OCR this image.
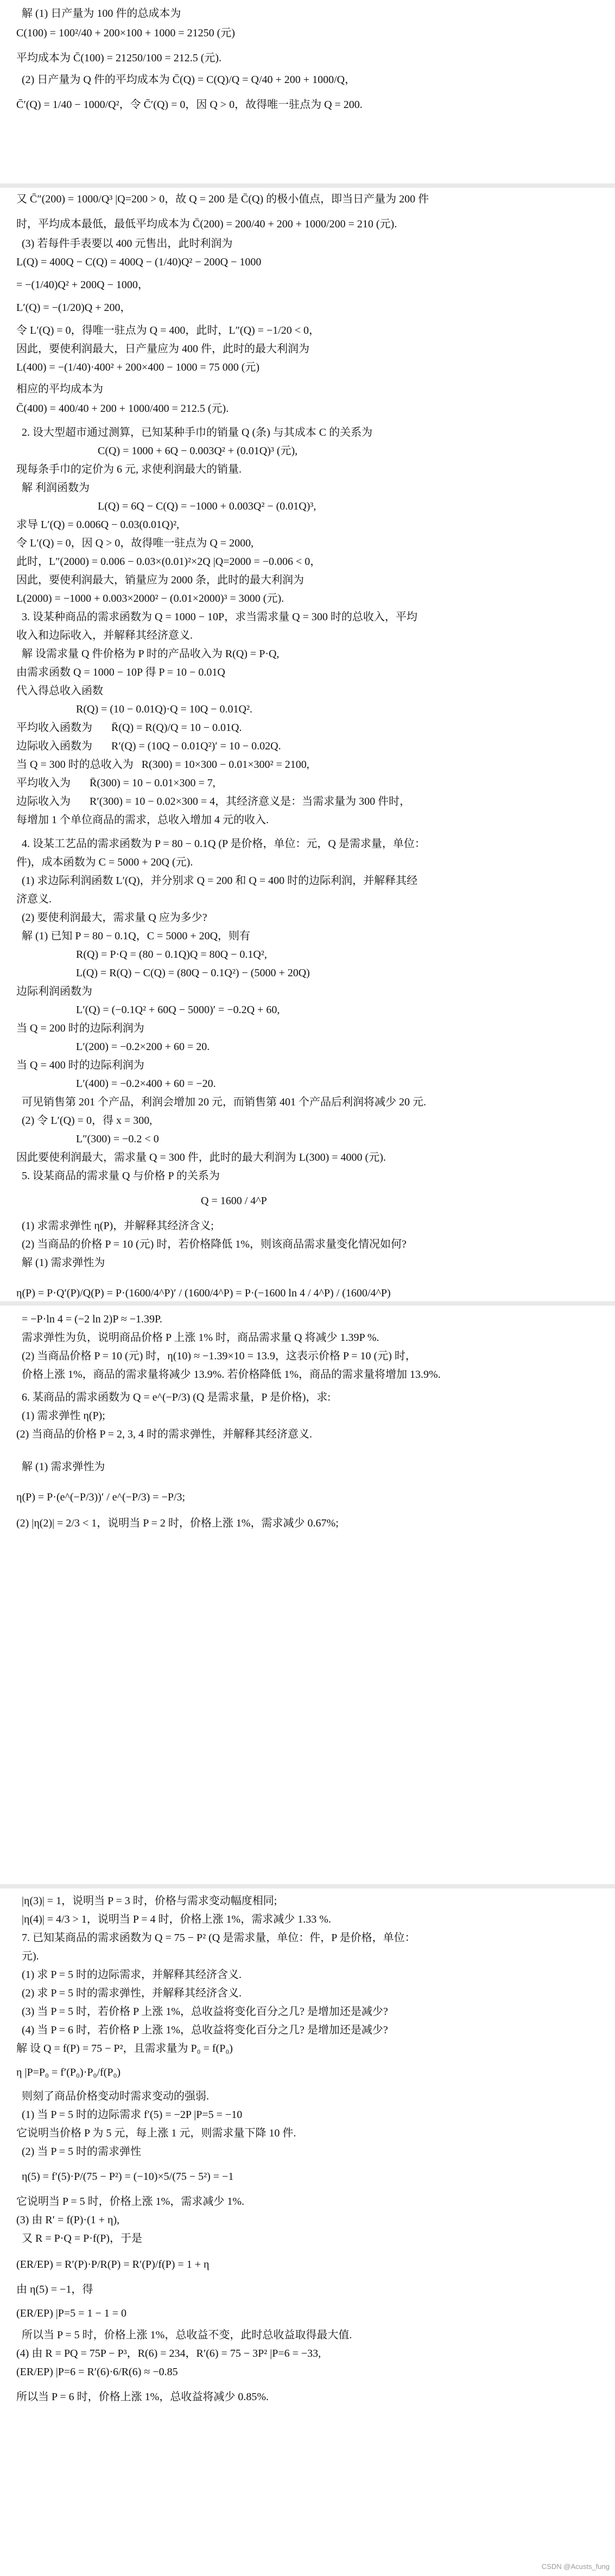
解 (1) 日产量为 100 件的总成本为
C(100) = 100²/40 + 200×100 + 1000 = 21250 (元)
平均成本为 C̄(100) = 21250/100 = 212.5 (元).
(2) 日产量为 Q 件的平均成本为 C̄(Q) = C(Q)/Q = Q/40 + 200 + 1000/Q，
C̄′(Q) = 1/40 − 1000/Q²，令 C̄′(Q) = 0，因 Q > 0，故得唯一驻点为 Q = 200.
又 C̄″(200) = 1000/Q³ |Q=200 > 0，故 Q = 200 是 C̄(Q) 的极小值点，即当日产量为 200 件
时，平均成本最低，最低平均成本为 C̄(200) = 200/40 + 200 + 1000/200 = 210 (元).
(3) 若每件手表要以 400 元售出，此时利润为
L(Q) = 400Q − C(Q) = 400Q − (1/40)Q² − 200Q − 1000
= −(1/40)Q² + 200Q − 1000，
L′(Q) = −(1/20)Q + 200，
令 L′(Q) = 0，得唯一驻点为 Q = 400，此时，L″(Q) = −1/20 < 0，
因此，要使利润最大，日产量应为 400 件，此时的最大利润为
L(400) = −(1/40)·400² + 200×400 − 1000 = 75 000 (元)
相应的平均成本为
C̄(400) = 400/40 + 200 + 1000/400 = 212.5 (元).
2. 设大型超市通过测算，已知某种手巾的销量 Q (条) 与其成本 C 的关系为
C(Q) = 1000 + 6Q − 0.003Q² + (0.01Q)³ (元),
现每条手巾的定价为 6 元, 求使利润最大的销量.
解 利润函数为
L(Q) = 6Q − C(Q) = −1000 + 0.003Q² − (0.01Q)³,
求导 L′(Q) = 0.006Q − 0.03(0.01Q)²,
令 L′(Q) = 0，因 Q > 0，故得唯一驻点为 Q = 2000,
此时，L″(2000) = 0.006 − 0.03×(0.01)²×2Q |Q=2000 = −0.006 < 0，
因此，要使利润最大，销量应为 2000 条，此时的最大利润为
L(2000) = −1000 + 0.003×2000² − (0.01×2000)³ = 3000 (元).
3. 设某种商品的需求函数为 Q = 1000 − 10P，求当需求量 Q = 300 时的总收入，平均
收入和边际收入，并解释其经济意义.
解 设需求量 Q 件价格为 P 时的产品收入为 R(Q) = P·Q,
由需求函数 Q = 1000 − 10P 得 P = 10 − 0.01Q
代入得总收入函数
R(Q) = (10 − 0.01Q)·Q = 10Q − 0.01Q².
平均收入函数为       R̄(Q) = R(Q)/Q = 10 − 0.01Q.
边际收入函数为       R′(Q) = (10Q − 0.01Q²)′ = 10 − 0.02Q.
当 Q = 300 时的总收入为   R(300) = 10×300 − 0.01×300² = 2100,
平均收入为       R̄(300) = 10 − 0.01×300 = 7,
边际收入为       R′(300) = 10 − 0.02×300 = 4，其经济意义是：当需求量为 300 件时，
每增加 1 个单位商品的需求，总收入增加 4 元的收入.
4. 设某工艺品的需求函数为 P = 80 − 0.1Q (P 是价格，单位：元，Q 是需求量，单位：
件)，成本函数为 C = 5000 + 20Q (元).
(1) 求边际利润函数 L′(Q)，并分别求 Q = 200 和 Q = 400 时的边际利润，并解释其经
济意义.
(2) 要使利润最大，需求量 Q 应为多少?
解 (1) 已知 P = 80 − 0.1Q，C = 5000 + 20Q，则有
R(Q) = P·Q = (80 − 0.1Q)Q = 80Q − 0.1Q²,
L(Q) = R(Q) − C(Q) = (80Q − 0.1Q²) − (5000 + 20Q)
边际利润函数为
L′(Q) = (−0.1Q² + 60Q − 5000)′ = −0.2Q + 60,
当 Q = 200 时的边际利润为
L′(200) = −0.2×200 + 60 = 20.
当 Q = 400 时的边际利润为
L′(400) = −0.2×400 + 60 = −20.
可见销售第 201 个产品，利润会增加 20 元，而销售第 401 个产品后利润将减少 20 元.
(2) 令 L′(Q) = 0，得 x = 300,
L″(300) = −0.2 < 0
因此要使利润最大，需求量 Q = 300 件，此时的最大利润为 L(300) = 4000 (元).
5. 设某商品的需求量 Q 与价格 P 的关系为
Q = 1600 / 4^P
(1) 求需求弹性 η(P)，并解释其经济含义;
(2) 当商品的价格 P = 10 (元) 时，若价格降低 1%，则该商品需求量变化情况如何?
解 (1) 需求弹性为
η(P) = P·Q′(P)/Q(P) = P·(1600/4^P)′ / (1600/4^P) = P·(−1600 ln 4 / 4^P) / (1600/4^P)
= −P·ln 4 = (−2 ln 2)P ≈ −1.39P.
需求弹性为负，说明商品价格 P 上涨 1% 时，商品需求量 Q 将减少 1.39P %.
(2) 当商品价格 P = 10 (元) 时，η(10) ≈ −1.39×10 = 13.9，这表示价格 P = 10 (元) 时，
价格上涨 1%，商品的需求量将减少 13.9%. 若价格降低 1%，商品的需求量将增加 13.9%.
6. 某商品的需求函数为 Q = e^(−P/3) (Q 是需求量，P 是价格)，求:
(1) 需求弹性 η(P);
(2) 当商品的价格 P = 2, 3, 4 时的需求弹性，并解释其经济意义.
解 (1) 需求弹性为
η(P) = P·(e^(−P/3))′ / e^(−P/3) = −P/3;
(2) |η(2)| = 2/3 < 1，说明当 P = 2 时，价格上涨 1%，需求减少 0.67%;
|η(3)| = 1，说明当 P = 3 时，价格与需求变动幅度相同;
|η(4)| = 4/3 > 1，说明当 P = 4 时，价格上涨 1%，需求减少 1.33 %.
7. 已知某商品的需求函数为 Q = 75 − P² (Q 是需求量，单位：件，P 是价格，单位：
元).
(1) 求 P = 5 时的边际需求，并解释其经济含义.
(2) 求 P = 5 时的需求弹性，并解释其经济含义.
(3) 当 P = 5 时，若价格 P 上涨 1%，总收益将变化百分之几? 是增加还是减少?
(4) 当 P = 6 时，若价格 P 上涨 1%，总收益将变化百分之几? 是增加还是减少?
解 设 Q = f(P) = 75 − P²，且需求量为 P₀ = f(P₀)
η |P=P₀ = f′(P₀)·P₀/f(P₀)
则刻了商品价格变动时需求变动的强弱.
(1) 当 P = 5 时的边际需求 f′(5) = −2P |P=5 = −10
它说明当价格 P 为 5 元，每上涨 1 元，则需求量下降 10 件.
(2) 当 P = 5 时的需求弹性
η(5) = f′(5)·P/(75 − P²) = (−10)×5/(75 − 5²) = −1
它说明当 P = 5 时，价格上涨 1%，需求减少 1%.
(3) 由 R′ = f(P)·(1 + η),
又 R = P·Q = P·f(P)，于是
(ER/EP) = R′(P)·P/R(P) = R′(P)/f(P) = 1 + η
由 η(5) = −1，得
(ER/EP) |P=5 = 1 − 1 = 0
所以当 P = 5 时，价格上涨 1%，总收益不变，此时总收益取得最大值.
(4) 由 R = PQ = 75P − P³，R(6) = 234，R′(6) = 75 − 3P² |P=6 = −33,
(ER/EP) |P=6 = R′(6)·6/R(6) ≈ −0.85
所以当 P = 6 时，价格上涨 1%，总收益将减少 0.85%.
CSDN @Acusts_fung
